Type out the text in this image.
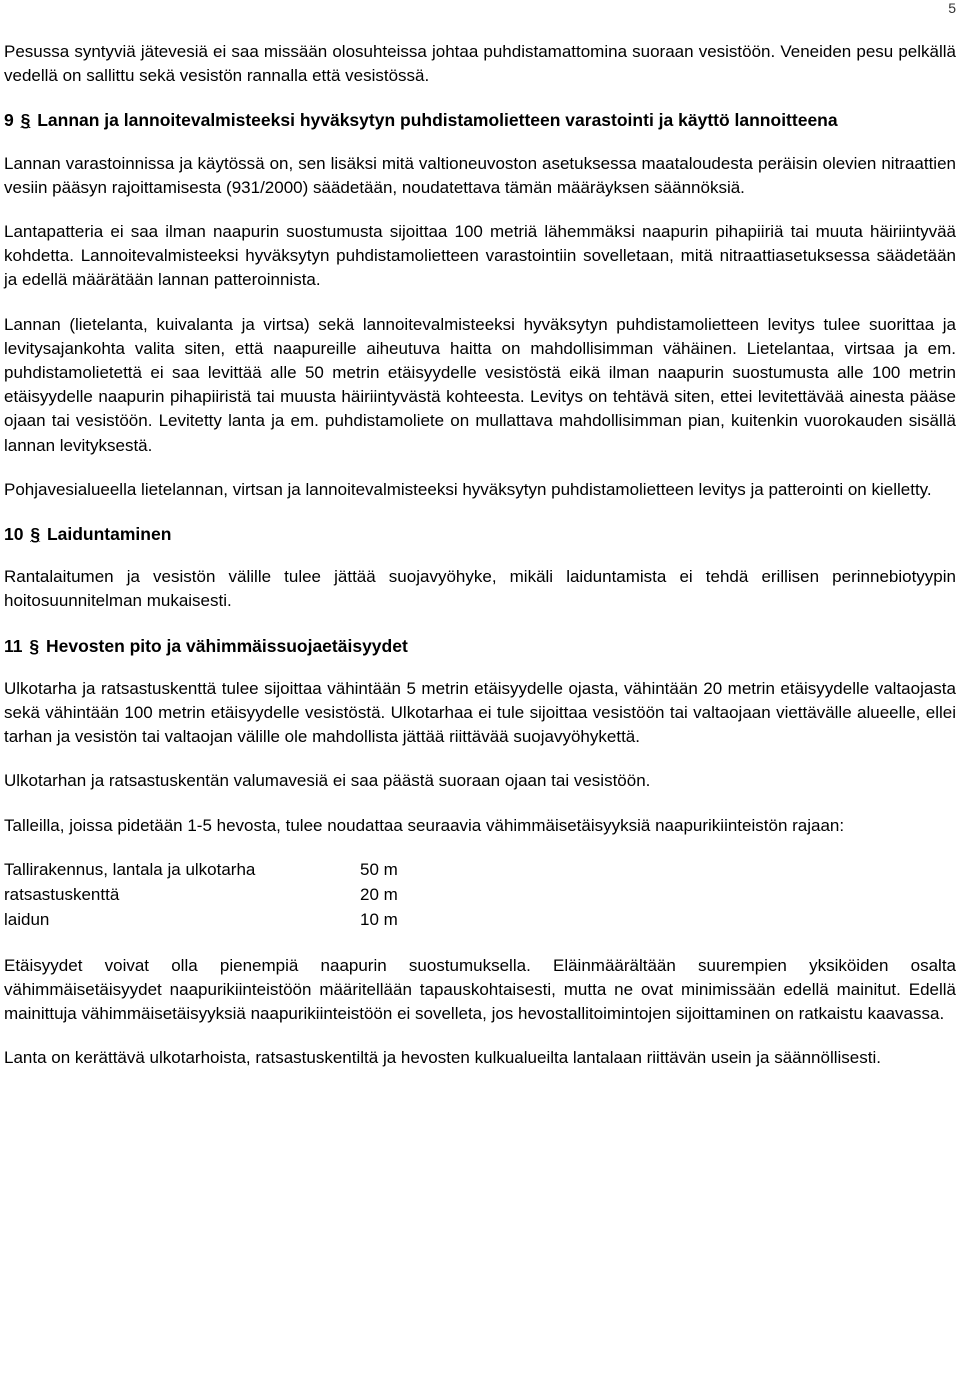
5

Pesussa syntyviä jätevesiä ei saa missään olosuhteissa johtaa puhdistamattomina suoraan vesistöön. Veneiden pesu pelkällä vedellä on sallittu sekä vesistön rannalla että vesistössä.

9 § Lannan ja lannoitevalmisteeksi hyväksytyn puhdistamolietteen varastointi ja käyttö lannoitteena

Lannan varastoinnissa ja käytössä on, sen lisäksi mitä valtioneuvoston asetuksessa maataloudesta peräisin olevien nitraattien vesiin pääsyn rajoittamisesta (931/2000) säädetään, noudatettava tämän määräyksen säännöksiä.

Lantapatteria ei saa ilman naapurin suostumusta sijoittaa 100 metriä lähemmäksi naapurin pihapiiriä tai muuta häiriintyvää kohdetta. Lannoitevalmisteeksi hyväksytyn puhdistamolietteen varastointiin sovelletaan, mitä nitraattiasetuksessa säädetään ja edellä määrätään lannan patteroinnista.

Lannan (lietelanta, kuivalanta ja virtsa) sekä lannoitevalmisteeksi hyväksytyn puhdistamolietteen levitys tulee suorittaa ja levitysajankohta valita siten, että naapureille aiheutuva haitta on mahdollisimman vähäinen. Lietelantaa, virtsaa ja em. puhdistamolietettä ei saa levittää alle 50 metrin etäisyydelle vesistöstä eikä ilman naapurin suostumusta alle 100 metrin etäisyydelle naapurin pihapiiristä tai muusta häiriintyvästä kohteesta. Levitys on tehtävä siten, ettei levitettävää ainesta pääse ojaan tai vesistöön. Levitetty lanta ja em. puhdistamoliete on mullattava mahdollisimman pian, kuitenkin vuorokauden sisällä lannan levityksestä.

Pohjavesialueella lietelannan, virtsan ja lannoitevalmisteeksi hyväksytyn puhdistamolietteen levitys ja patterointi on kielletty.

10 § Laiduntaminen

Rantalaitumen ja vesistön välille tulee jättää suojavyöhyke, mikäli laiduntamista ei tehdä erillisen perinnebiotyypin hoitosuunnitelman mukaisesti.

11 § Hevosten pito ja vähimmäissuojaetäisyydet

Ulkotarha ja ratsastuskenttä tulee sijoittaa vähintään 5 metrin etäisyydelle ojasta, vähintään 20 metrin etäisyydelle valtaojasta sekä vähintään 100 metrin etäisyydelle vesistöstä. Ulkotarhaa ei tule sijoittaa vesistöön tai valtaojaan viettävälle alueelle, ellei tarhan ja vesistön tai valtaojan välille ole mahdollista jättää riittävää suojavyöhykettä.

Ulkotarhan ja ratsastuskentän valumavesiä ei saa päästä suoraan ojaan tai vesistöön.

Talleilla, joissa pidetään 1-5 hevosta, tulee noudattaa seuraavia vähimmäisetäisyyksiä naapurikiinteistön rajaan:

Tallirakennus, lantala ja ulkotarha	50 m
ratsastuskenttä	20 m
laidun	10 m

Etäisyydet voivat olla pienempiä naapurin suostumuksella. Eläinmäärältään suurempien yksiköiden osalta vähimmäisetäisyydet naapurikiinteistöön määritellään tapauskohtaisesti, mutta ne ovat minimissään edellä mainitut. Edellä mainittuja vähimmäisetäisyyksiä naapurikiinteistöön ei sovelleta, jos hevostallitoimintojen sijoittaminen on ratkaistu kaavassa.

Lanta on kerättävä ulkotarhoista, ratsastuskentiltä ja hevosten kulkualueilta lantalaan riittävän usein ja säännöllisesti.
